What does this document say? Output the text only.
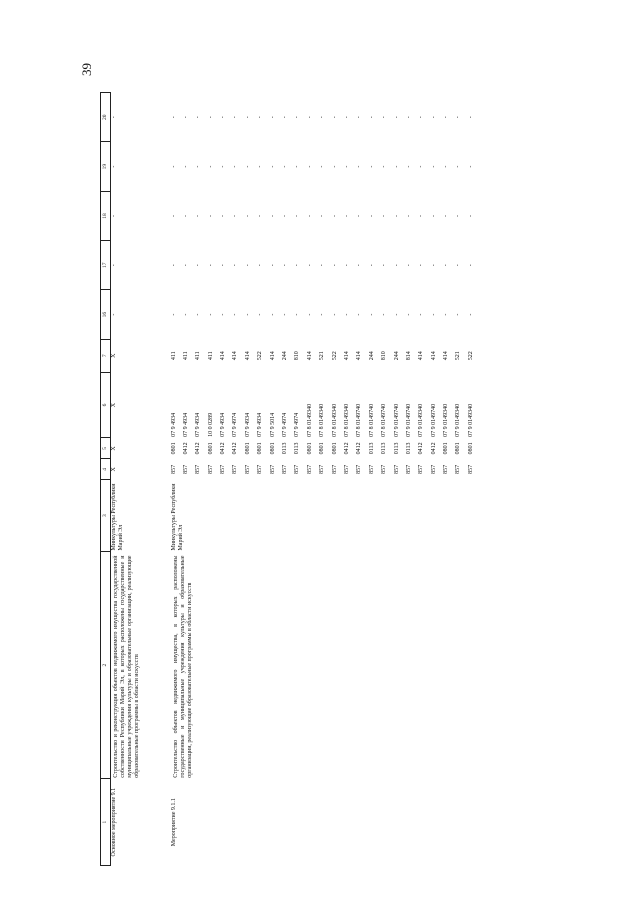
39
1	2	3	4	5	6	7	16	17	18	19	20
Основное мероприятие 9.1	Строительство и реконструкция объектов недвижимого имущества государственной собственности Республики Марий Эл, в которых расположены государственные и муниципальные учреждения культуры и образовательные организации, реализующие образовательные программы в области искусств	Минкультуры Республики Марий Эл	Х	Х	Х	Х	-	-	-	-	-
Мероприятие 9.1.1	Строительство объектов недвижимого имущества, в которых расположены государственные и муниципальные учреждения культуры и образовательные организации, реализующие образовательные программы в области искусств	Минкультуры Республики Марий Эл	857	0801	07 9 4934	411	-	-	-	-	-
			857	0412	07 9 4934	411	-	-	-	-	-
			857	0412	07 9 4934	411	-	-	-	-	-
			857	0801	10 0 0289	411	-	-	-	-	-
			857	0412	07 9 4934	414	-	-	-	-	-
			857	0412	07 9 4974	414	-	-	-	-	-
			857	0801	07 9 4934	414	-	-	-	-	-
			857	0801	07 9 4934	522	-	-	-	-	-
			857	0801	07 9 5014	414	-	-	-	-	-
			857	0113	07 9 4974	244	-	-	-	-	-
			857	0113	07 9 4974	810	-	-	-	-	-
			857	0801	07 8 0149340	414	-	-	-	-	-
			857	0801	07 8 0149340	521	-	-	-	-	-
			857	0801	07 8 0149340	522	-	-	-	-	-
			857	0412	07 8 0149340	414	-	-	-	-	-
			857	0412	07 8 0149740	414	-	-	-	-	-
			857	0113	07 8 0149740	244	-	-	-	-	-
			857	0113	07 8 0149740	810	-	-	-	-	-
			857	0113	07 9 0149740	244	-	-	-	-	-
			857	0113	07 9 0149740	814	-	-	-	-	-
			857	0412	07 9 0149340	414	-	-	-	-	-
			857	0412	07 9 0149740	414	-	-	-	-	-
			857	0801	07 9 0149340	414	-	-	-	-	-
			857	0801	07 9 0149340	521	-	-	-	-	-
			857	0801	07 9 0149340	522	-	-	-	-	-
